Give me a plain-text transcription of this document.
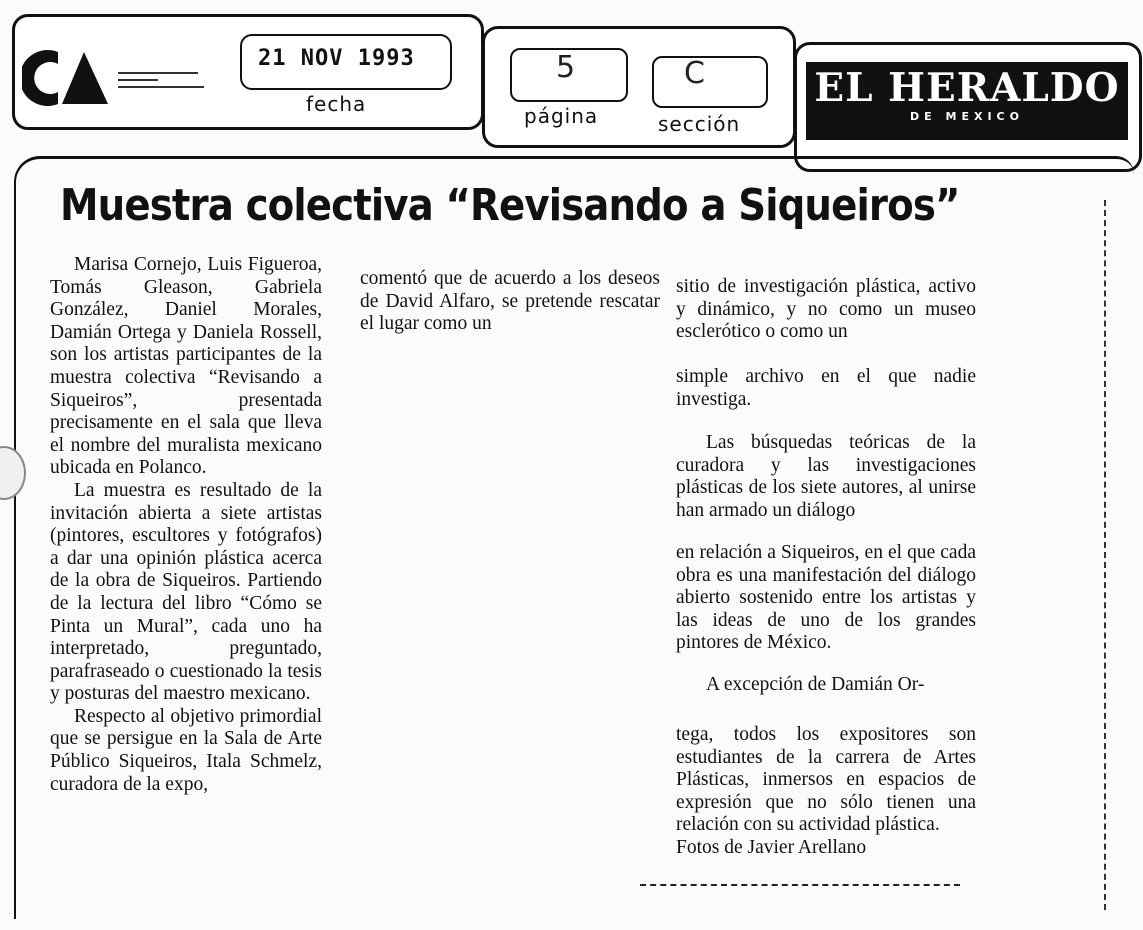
21 NOV 1993
fecha
5
página
C
sección
EL HERALDO
DE MEXICO
Muestra colectiva “Revisando a Siqueiros”

Marisa Cornejo, Luis Figueroa, Tomás Gleason, Gabriela González, Daniel Morales, Damián Ortega y Daniela Rossell, son los artistas participantes de la muestra colectiva “Revisando a Siqueiros”, presentada precisamente en el sala que lleva el nombre del muralista mexicano ubicada en Polanco.

La muestra es resultado de la invitación abierta a siete artistas (pintores, escultores y fotógrafos) a dar una opinión plástica acerca de la obra de Siqueiros. Partiendo de la lectura del libro “Cómo se Pinta un Mural”, cada uno ha interpretado, preguntado, parafraseado o cuestionado la tesis y posturas del maestro mexicano.

Respecto al objetivo primordial que se persigue en la Sala de Arte Público Siqueiros, Itala Schmelz, curadora de la expo,

comentó que de acuerdo a los deseos de David Alfaro, se pretende rescatar el lugar como un

sitio de investigación plástica, activo y dinámico, y no como un museo esclerótico o como un

simple archivo en el que nadie investiga.

Las búsquedas teóricas de la curadora y las investigaciones plásticas de los siete autores, al unirse han armado un diálogo

en relación a Siqueiros, en el que cada obra es una manifestación del diálogo abierto sostenido entre los artistas y las ideas de uno de los grandes pintores de México.

A excepción de Damián Or-

tega, todos los expositores son estudiantes de la carrera de Artes Plásticas, inmersos en espacios de expresión que no sólo tienen una relación con su actividad plástica.

Fotos de Javier Arellano
